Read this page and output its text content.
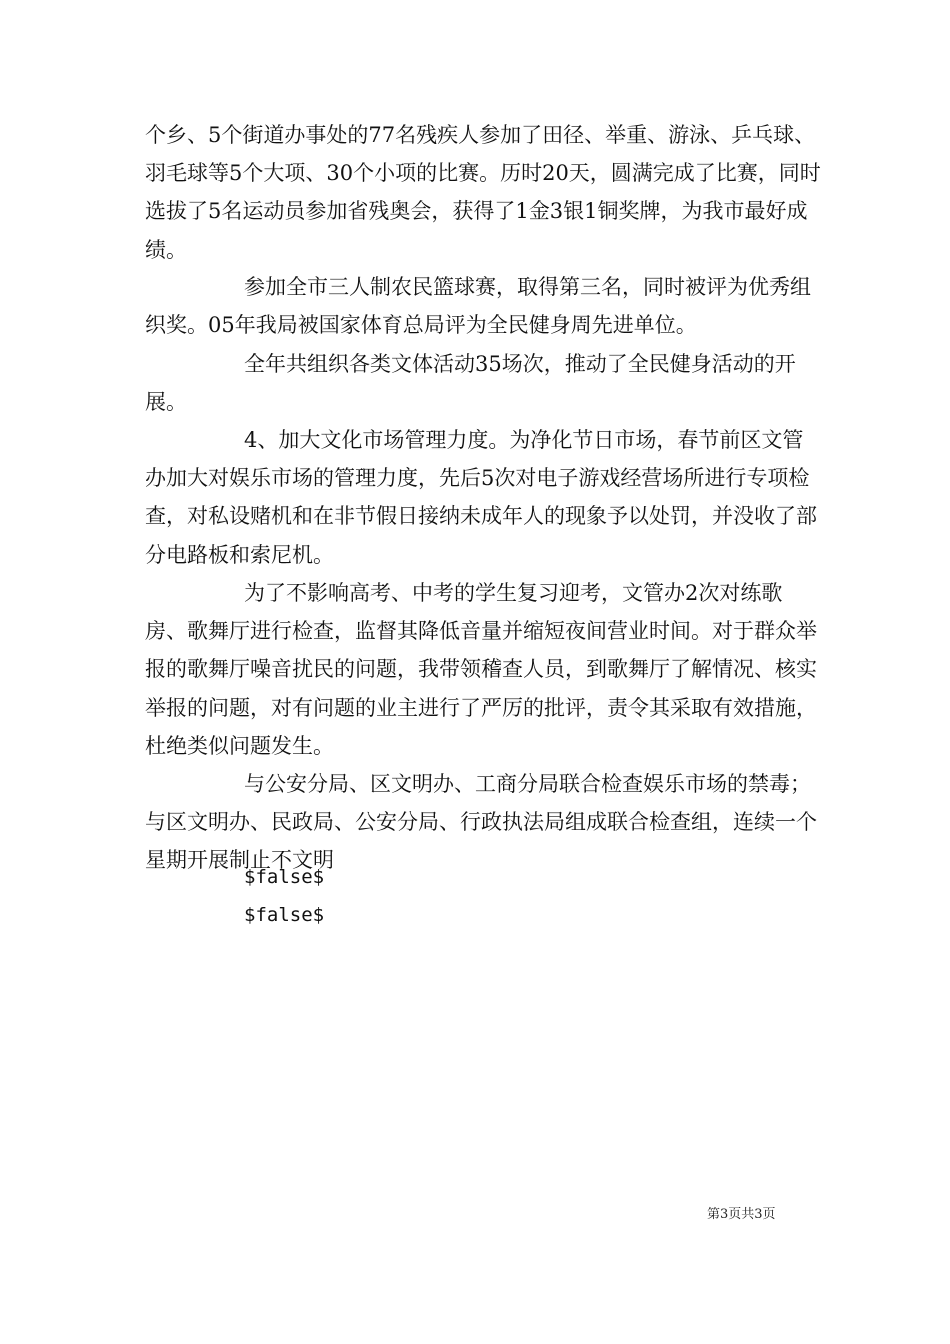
个乡、5个街道办事处的77名残疾人参加了田径、举重、游泳、乒乓球、羽毛球等5个大项、30个小项的比赛。历时20天，圆满完成了比赛，同时选拔了5名运动员参加省残奥会，获得了1金3银1铜奖牌，为我市最好成绩。

参加全市三人制农民篮球赛，取得第三名，同时被评为优秀组织奖。05年我局被国家体育总局评为全民健身周先进单位。

全年共组织各类文体活动35场次，推动了全民健身活动的开展。

4、加大文化市场管理力度。为净化节日市场，春节前区文管办加大对娱乐市场的管理力度，先后5次对电子游戏经营场所进行专项检查，对私设赌机和在非节假日接纳未成年人的现象予以处罚，并没收了部分电路板和索尼机。

为了不影响高考、中考的学生复习迎考，文管办2次对练歌房、歌舞厅进行检查，监督其降低音量并缩短夜间营业时间。对于群众举报的歌舞厅噪音扰民的问题，我带领稽查人员，到歌舞厅了解情况、核实举报的问题，对有问题的业主进行了严厉的批评，责令其采取有效措施，杜绝类似问题发生。

与公安分局、区文明办、工商分局联合检查娱乐市场的禁毒；与区文明办、民政局、公安分局、行政执法局组成联合检查组，连续一个星期开展制止不文明

$false$

$false$

第3页共3页
